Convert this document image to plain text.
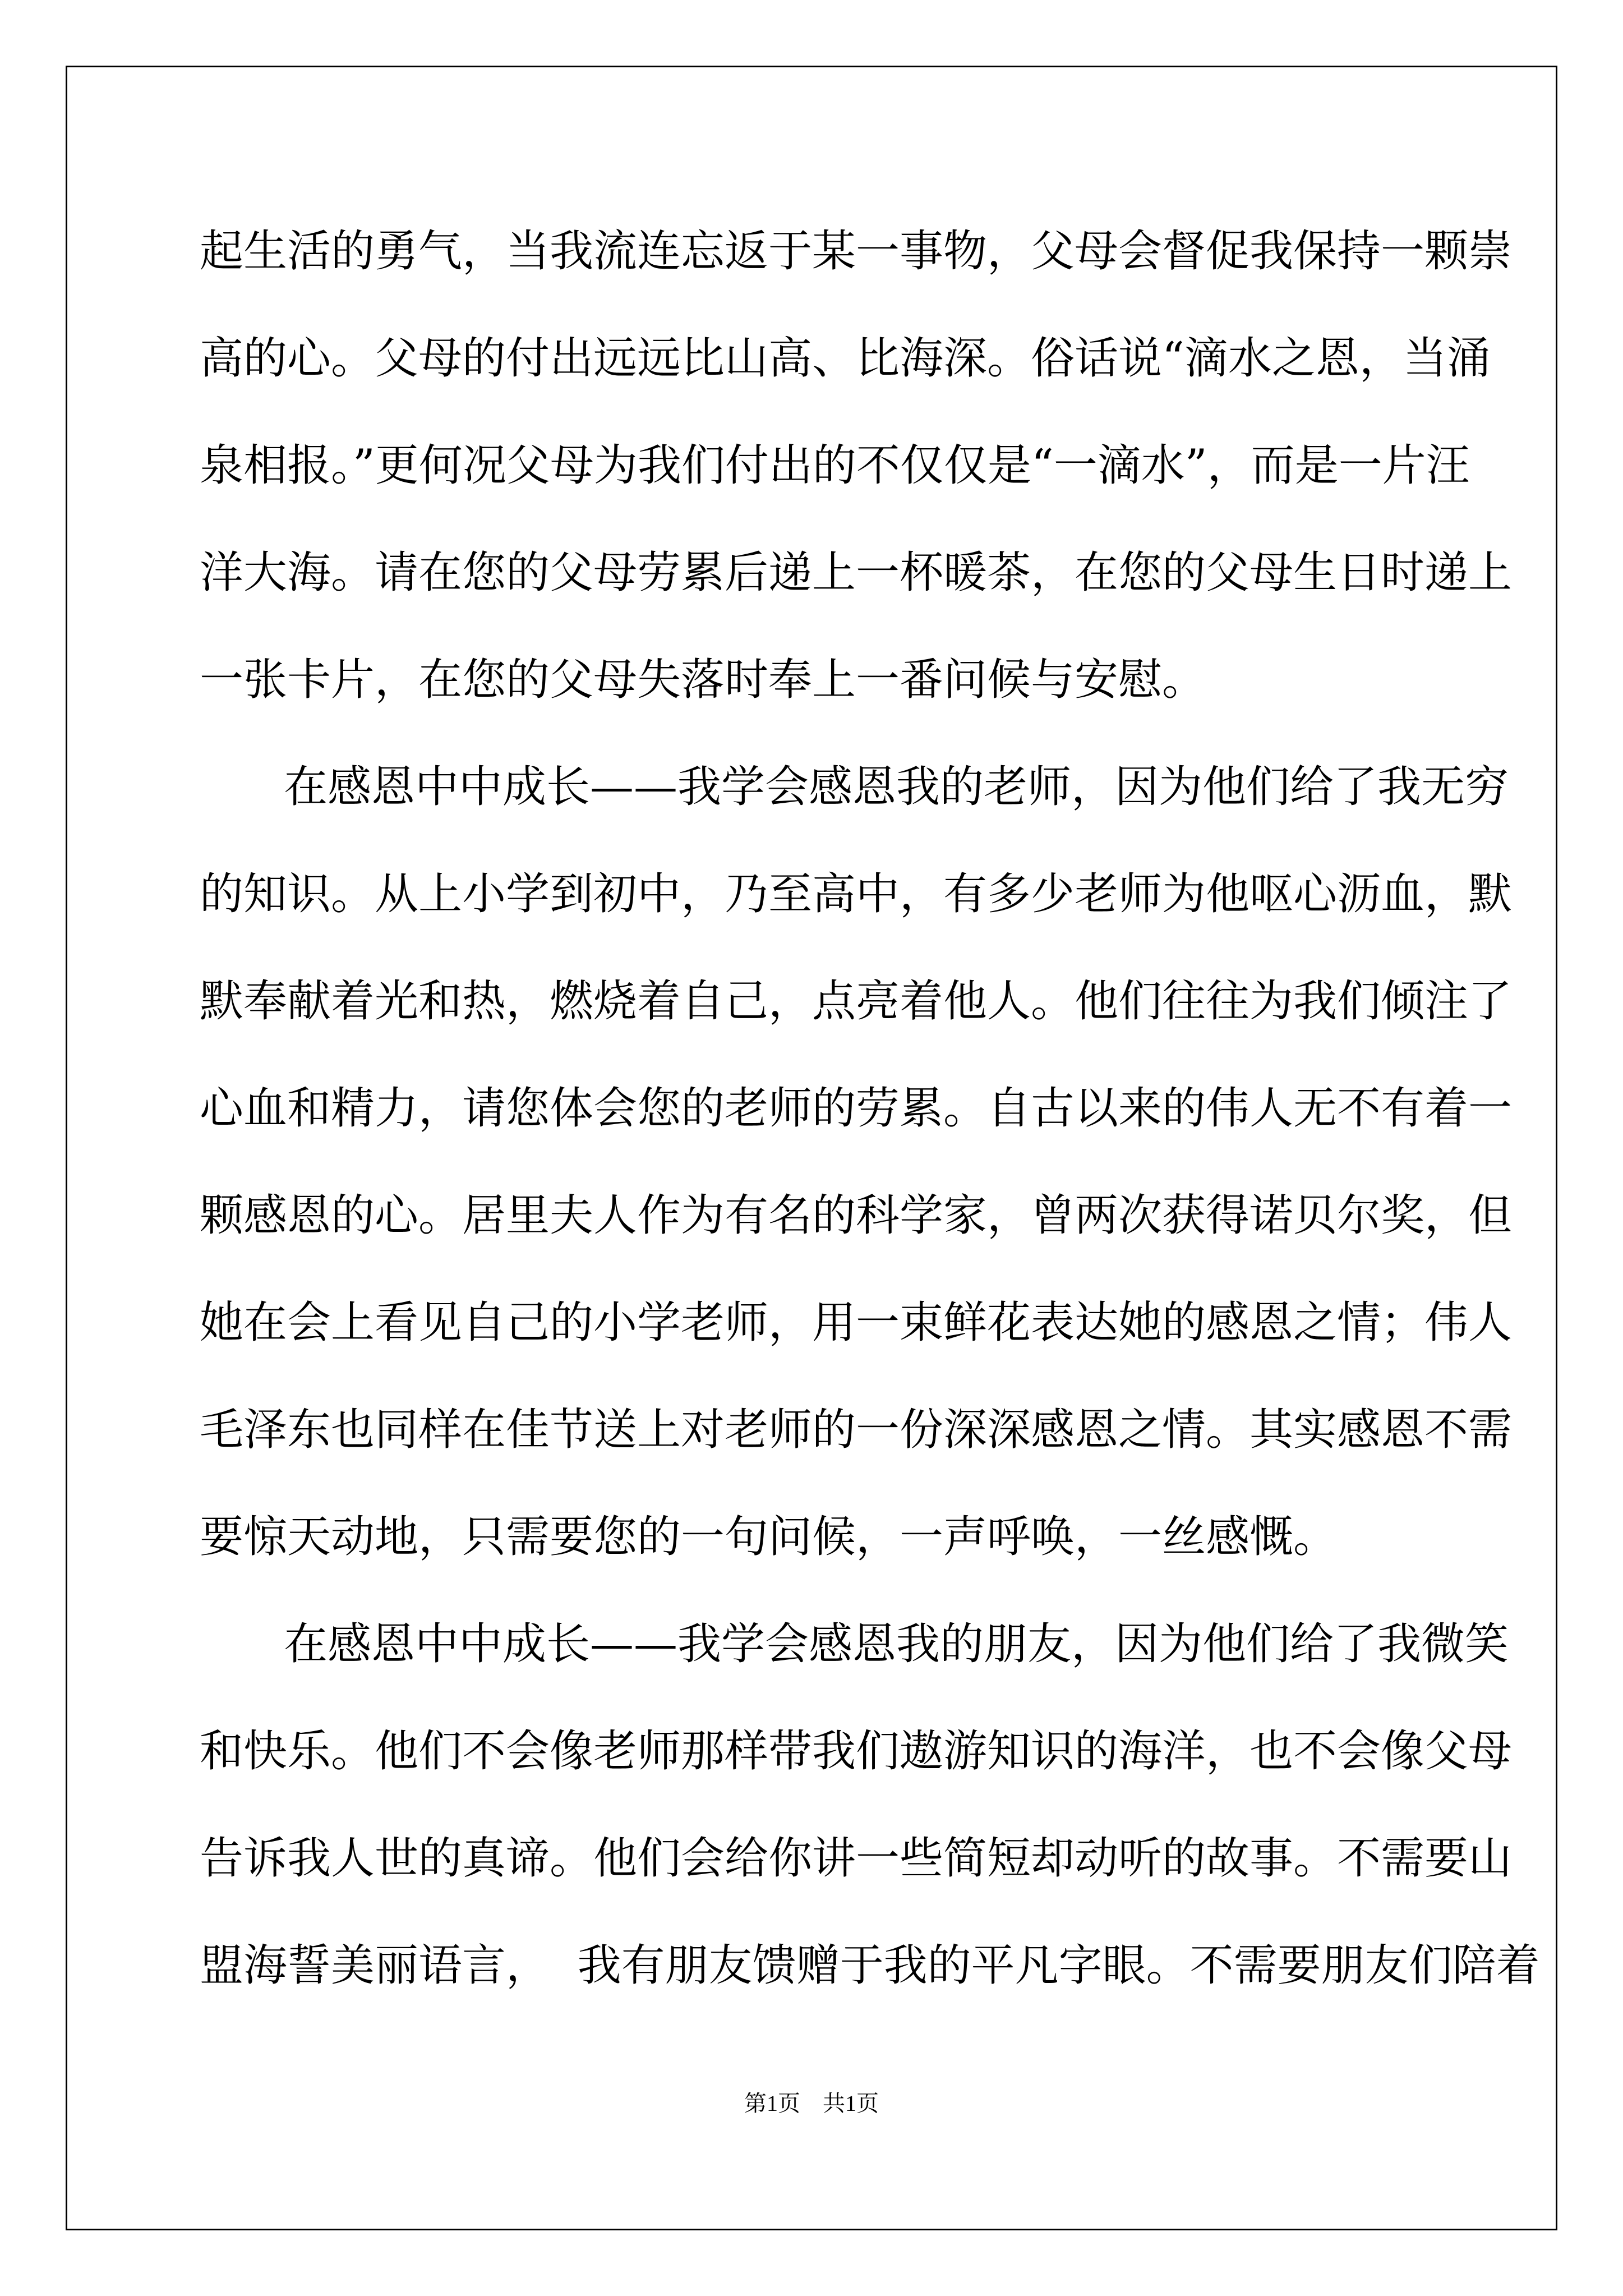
起生活的勇气，当我流连忘返于某一事物，父母会督促我保持一颗崇
高的心。父母的付出远远比山高、比海深。俗话说“滴水之恩，当涌
泉相报。”更何况父母为我们付出的不仅仅是“一滴水”，而是一片汪
洋大海。请在您的父母劳累后递上一杯暖茶，在您的父母生日时递上
一张卡片，在您的父母失落时奉上一番问候与安慰。
在感恩中中成长——我学会感恩我的老师，因为他们给了我无穷
的知识。从上小学到初中，乃至高中，有多少老师为他呕心沥血，默
默奉献着光和热，燃烧着自己，点亮着他人。他们往往为我们倾注了
心血和精力，请您体会您的老师的劳累。自古以来的伟人无不有着一
颗感恩的心。居里夫人作为有名的科学家，曾两次获得诺贝尔奖，但
她在会上看见自己的小学老师，用一束鲜花表达她的感恩之情；伟人
毛泽东也同样在佳节送上对老师的一份深深感恩之情。其实感恩不需
要惊天动地，只需要您的一句问候，一声呼唤，一丝感慨。
在感恩中中成长——我学会感恩我的朋友，因为他们给了我微笑
和快乐。他们不会像老师那样带我们遨游知识的海洋，也不会像父母
告诉我人世的真谛。他们会给你讲一些简短却动听的故事。不需要山
盟海誓美丽语言，  我有朋友馈赠于我的平凡字眼。不需要朋友们陪着
第1页　共1页
